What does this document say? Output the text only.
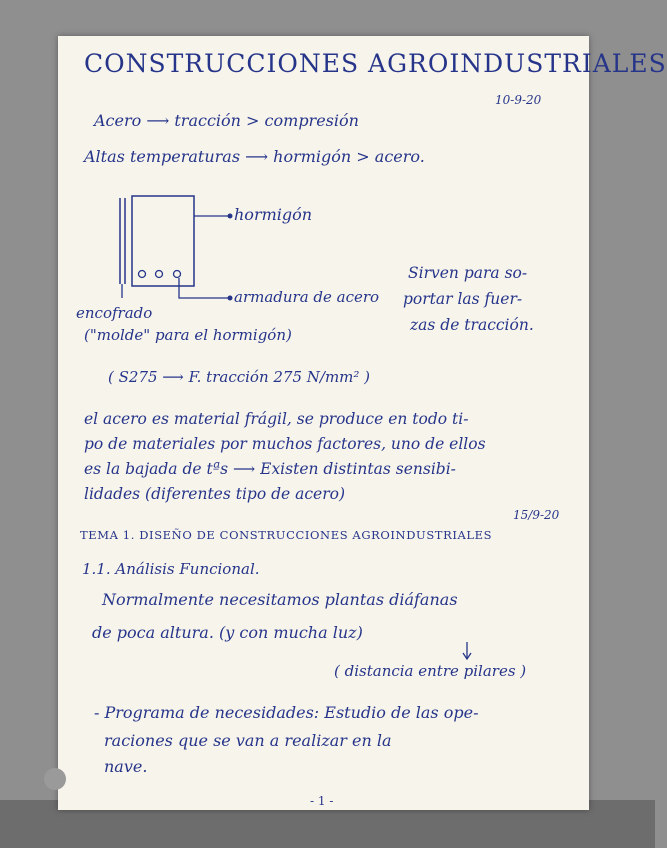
CONSTRUCCIONES AGROINDUSTRIALES
10-9-20
Acero ⟶ tracción > compresión
Altas temperaturas ⟶ hormigón > acero.
hormigón
armadura de acero
encofrado
("molde" para el hormigón)
Sirven para so-
portar las fuer-
zas de tracción.
( S275 ⟶ F. tracción 275 N/mm² )
el acero es material frágil, se produce en todo ti-
po de materiales por muchos factores, uno de ellos
es la bajada de tªs ⟶ Existen distintas sensibi-
lidades (diferentes tipo de acero)
15/9-20
TEMA 1. DISEÑO DE CONSTRUCCIONES AGROINDUSTRIALES
1.1. Análisis Funcional.
Normalmente necesitamos plantas diáfanas
de poca altura. (y con mucha luz)
( distancia entre pilares )
- Programa de necesidades: Estudio de las ope-
raciones que se van a realizar en la
nave.
- 1 -
